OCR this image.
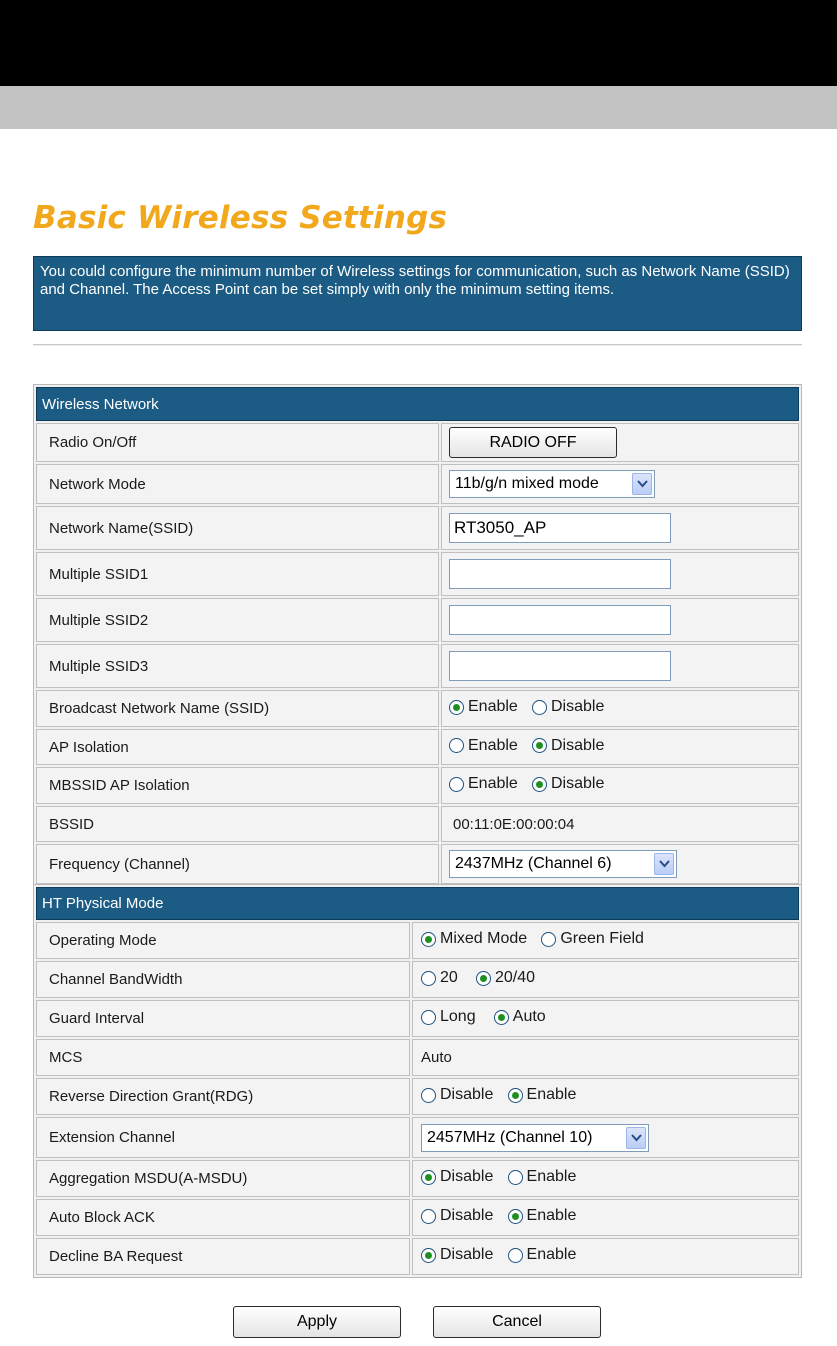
Basic Wireless Settings
You could configure the minimum number of Wireless settings for communication, such as Network Name (SSID) and Channel. The Access Point can be set simply with only the minimum setting items.
Wireless Network	
Radio On/Off	RADIO OFF
Network Mode	11b/g/n mixed mode

Network Name(SSID)	RT3050_AP
Multiple SSID1	
Multiple SSID2	
Multiple SSID3	
Broadcast Network Name (SSID)	Enable
Disable

AP Isolation	Enable
Disable

MBSSID AP Isolation	Enable
Disable

BSSID	00:11:0E:00:00:04
Frequency (Channel)	2437MHz (Channel 6)
HT Physical Mode	
Operating Mode	Mixed Mode
Green Field

Channel BandWidth	20
20/40

Guard Interval	Long
Auto

MCS	Auto
Reverse Direction Grant(RDG)	Disable
Enable

Extension Channel	2457MHz (Channel 10)

Aggregation MSDU(A-MSDU)	Disable
Enable

Auto Block ACK	Disable
Enable

Decline BA Request	Disable
Enable
Apply	Cancel
